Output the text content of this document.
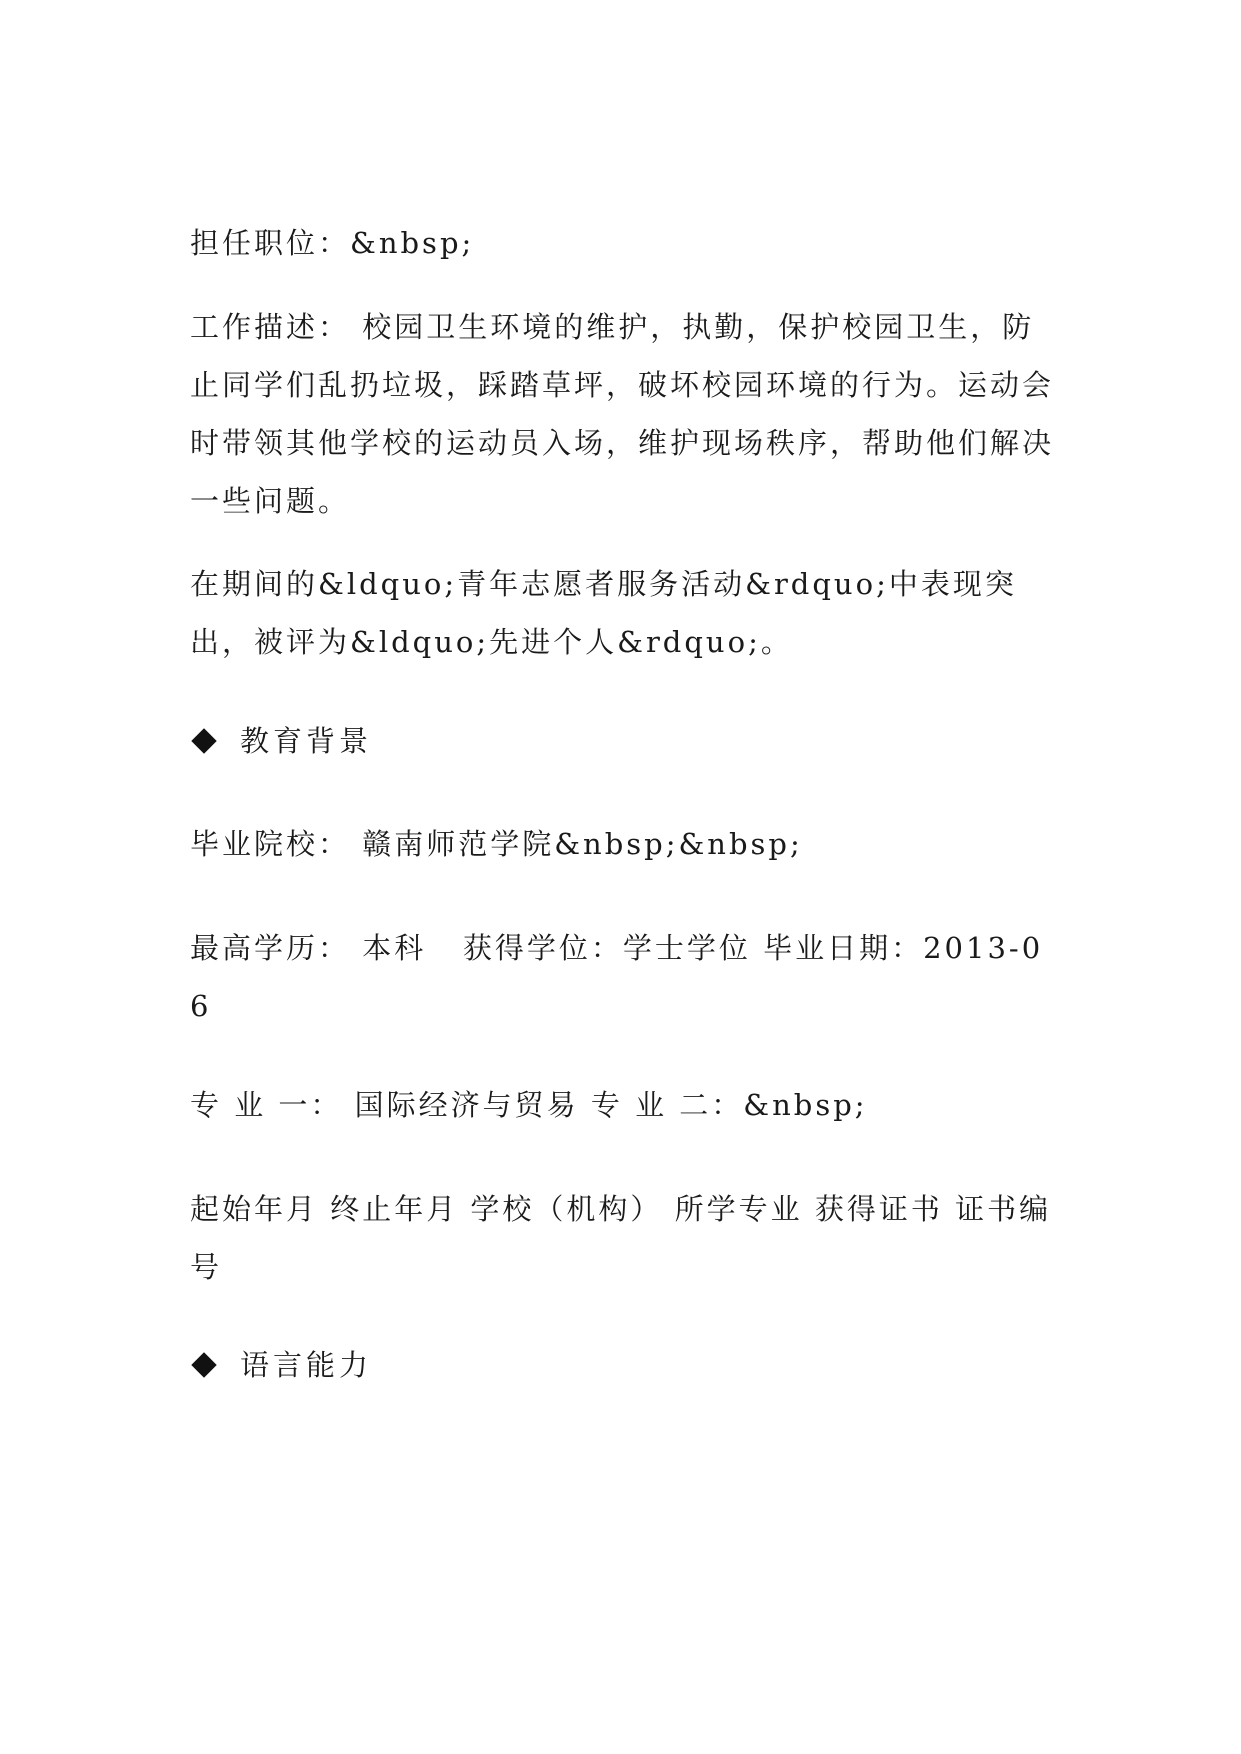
担任职位：&nbsp;
工作描述： 校园卫生环境的维护，执勤，保护校园卫生，防止同学们乱扔垃圾，踩踏草坪，破坏校园环境的行为。运动会时带领其他学校的运动员入场，维护现场秩序，帮助他们解决一些问题。
在期间的&ldquo;青年志愿者服务活动&rdquo;中表现突出，被评为&ldquo;先进个人&rdquo;。
教育背景
毕业院校： 赣南师范学院&nbsp;&nbsp;
最高学历： 本科   获得学位：学士学位 毕业日期：2013-06
专 业 一： 国际经济与贸易 专 业 二：&nbsp;
起始年月 终止年月 学校（机构） 所学专业 获得证书 证书编号
语言能力
